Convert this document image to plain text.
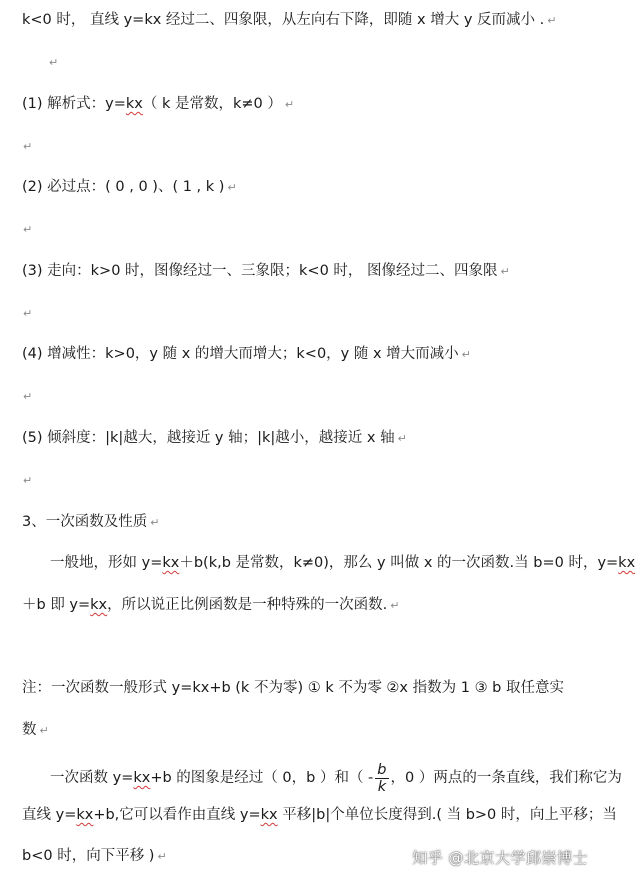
k<0 时， 直线 y=kx 经过二、四象限，从左向右下降，即随 x 增大 y 反而减小 . ↵
↵
(1) 解析式：y=kx（ k 是常数，k≠0 ） ↵
↵
(2) 必过点：( 0 , 0 )、( 1 , k ) ↵
↵
(3) 走向：k>0 时，图像经过一、三象限；k<0 时， 图像经过二、四象限 ↵
↵
(4) 增减性：k>0，y 随 x 的增大而增大；k<0，y 随 x 增大而减小 ↵
↵
(5) 倾斜度：|k|越大，越接近 y 轴；|k|越小，越接近 x 轴 ↵
↵
3、一次函数及性质 ↵
一般地，形如 y=kx＋b(k,b 是常数，k≠0)，那么 y 叫做 x 的一次函数.当 b=0 时，y=kx
＋b 即 y=kx，所以说正比例函数是一种特殊的一次函数. ↵
注：一次函数一般形式 y=kx+b (k 不为零) ① k 不为零 ②x 指数为 1 ③ b 取任意实
数 ↵
一次函数 y=kx+b 的图象是经过（ 0，b ）和（ - $\frac{b}{k}$ ，0 ）两点的一条直线，我们称它为
直线 y=kx+b,它可以看作由直线 y=kx 平移|b|个单位长度得到.( 当 b>0 时，向上平移；当
b<0 时，向下平移 ) ↵	知乎 @北京大学邱崇博士
